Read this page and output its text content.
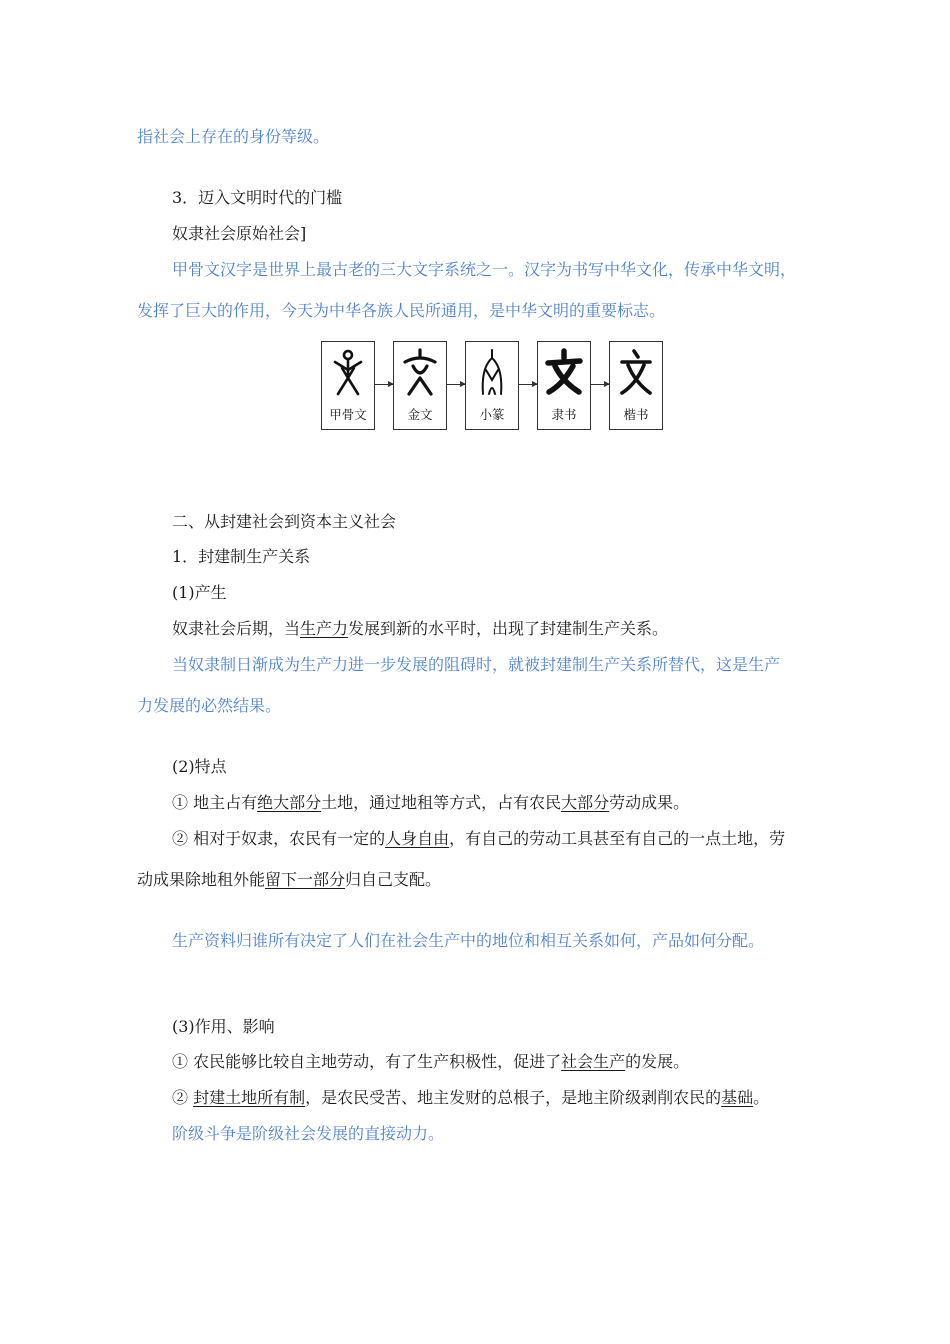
指社会上存在的身份等级。
3．迈入文明时代的门槛
奴隶社会原始社会]
甲骨文汉字是世界上最古老的三大文字系统之一。汉字为书写中华文化，传承中华文明，
发挥了巨大的作用，今天为中华各族人民所通用，是中华文明的重要标志。
甲骨文	金文	小篆	隶书	楷书
二、从封建社会到资本主义社会
1．封建制生产关系
(1)产生
奴隶社会后期，当生产力发展到新的水平时，出现了封建制生产关系。
当奴隶制日渐成为生产力进一步发展的阻碍时，就被封建制生产关系所替代，这是生产
力发展的必然结果。
(2)特点
① 地主占有绝大部分土地，通过地租等方式，占有农民大部分劳动成果。
② 相对于奴隶，农民有一定的人身自由，有自己的劳动工具甚至有自己的一点土地，劳
动成果除地租外能留下一部分归自己支配。
生产资料归谁所有决定了人们在社会生产中的地位和相互关系如何，产品如何分配。
(3)作用、影响
① 农民能够比较自主地劳动，有了生产积极性，促进了社会生产的发展。
② 封建土地所有制，是农民受苦、地主发财的总根子，是地主阶级剥削农民的基础。
阶级斗争是阶级社会发展的直接动力。
